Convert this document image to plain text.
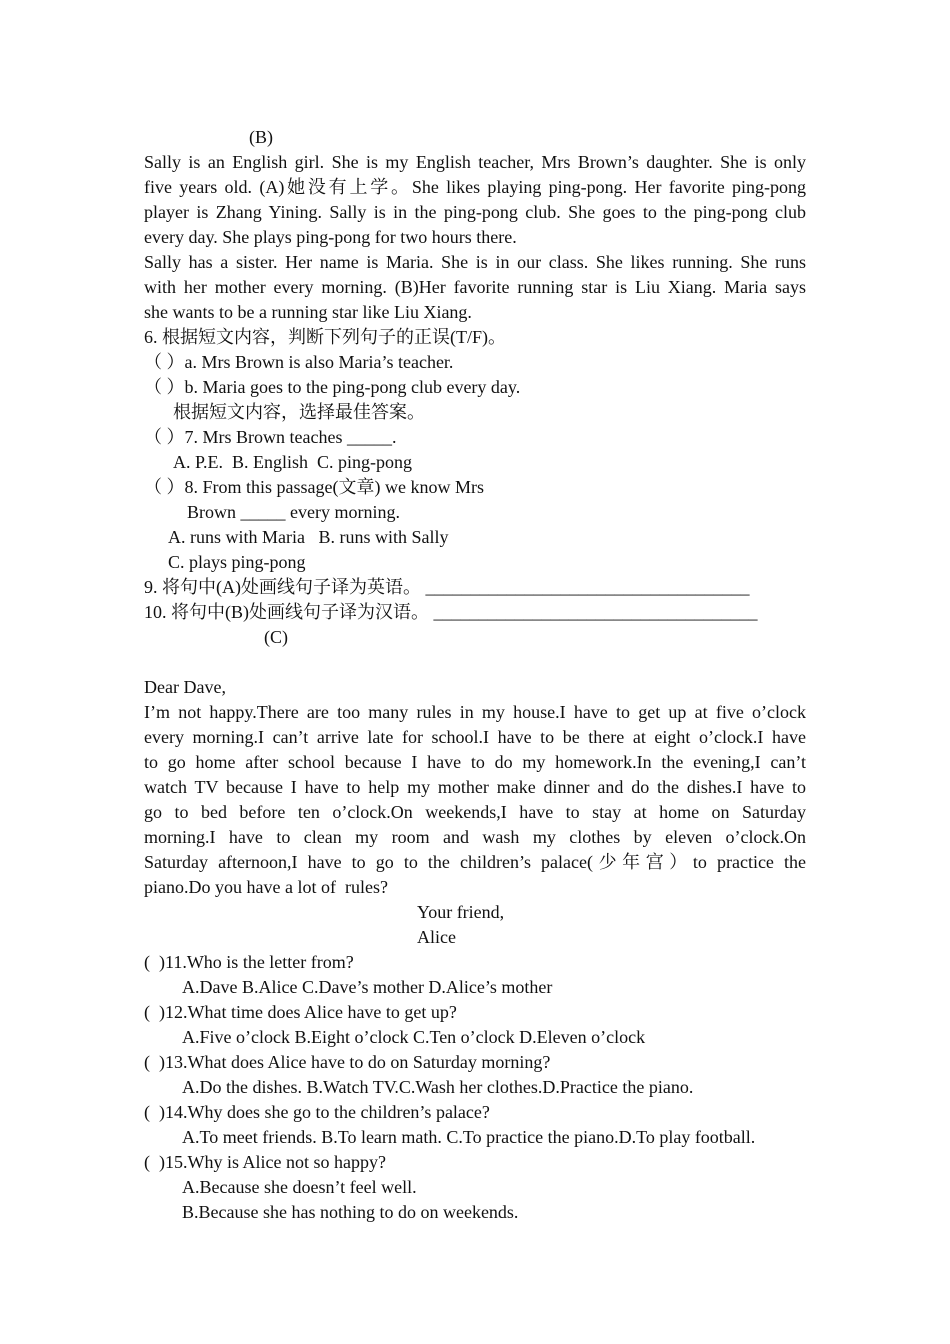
(B)
Sally is an English girl. She is my English teacher, Mrs Brown’s daughter. She is only
five years old. (A)她没有上学。She likes playing ping-pong. Her favorite ping-pong
player is Zhang Yining. Sally is in the ping-pong club. She goes to the ping-pong club
every day. She plays ping-pong for two hours there.
Sally has a sister. Her name is Maria. She is in our class. She likes running. She runs
with her mother every morning. (B)Her favorite running star is Liu Xiang. Maria says
she wants to be a running star like Liu Xiang.
6. 根据短文内容，判断下列句子的正误(T/F)。
（ ）a. Mrs Brown is also Maria’s teacher.
（ ）b. Maria goes to the ping-pong club every day.
根据短文内容，选择最佳答案。
（ ）7. Mrs Brown teaches _____.
A. P.E.  B. English  C. ping-pong
（ ）8. From this passage(文章) we know Mrs
Brown _____ every morning.
A. runs with Maria   B. runs with Sally
C. plays ping-pong
9. 将句中(A)处画线句子译为英语。 ____________________________________
10. 将句中(B)处画线句子译为汉语。 ____________________________________
(C)
Dear Dave,
I’m not happy.There are too many rules in my house.I have to get up at five o’clock
every morning.I can’t arrive late for school.I have to be there at eight o’clock.I have
to go home after school because I have to do my homework.In the evening,I can’t
watch TV because I have to help my mother make dinner and do the dishes.I have to
go to bed before ten o’clock.On weekends,I have to stay at home on Saturday
morning.I have to clean my room and wash my clothes by eleven o’clock.On
Saturday afternoon,I have to go to the children’s palace(少年宫）to practice the
piano.Do you have a lot of  rules?
Your friend,
Alice
(  )11.Who is the letter from?
A.Dave B.Alice C.Dave’s mother D.Alice’s mother
(  )12.What time does Alice have to get up?
A.Five o’clock B.Eight o’clock C.Ten o’clock D.Eleven o’clock
(  )13.What does Alice have to do on Saturday morning?
A.Do the dishes. B.Watch TV.C.Wash her clothes.D.Practice the piano.
(  )14.Why does she go to the children’s palace?
A.To meet friends. B.To learn math. C.To practice the piano.D.To play football.
(  )15.Why is Alice not so happy?
A.Because she doesn’t feel well.
B.Because she has nothing to do on weekends.
